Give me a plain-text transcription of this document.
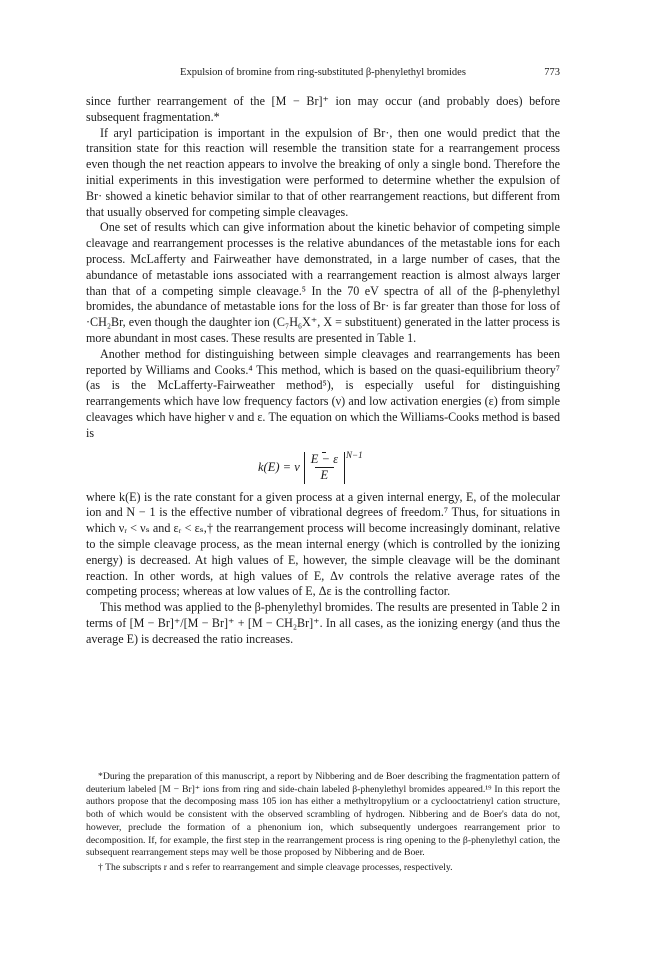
Expulsion of bromine from ring-substituted β-phenylethyl bromides	773

since further rearrangement of the [M − Br]⁺ ion may occur (and probably does) before subsequent fragmentation.*

If aryl participation is important in the expulsion of Br·, then one would predict that the transition state for this reaction will resemble the transition state for a rearrangement process even though the net reaction appears to involve the breaking of only a single bond. Therefore the initial experiments in this investigation were performed to determine whether the expulsion of Br· showed a kinetic behavior similar to that of other rearrangement reactions, but different from that usually observed for competing simple cleavages.

One set of results which can give information about the kinetic behavior of competing simple cleavage and rearrangement processes is the relative abundances of the metastable ions for each process. McLafferty and Fairweather have demonstrated, in a large number of cases, that the abundance of metastable ions associated with a rearrangement reaction is almost always larger than that of a competing simple cleavage.⁵ In the 70 eV spectra of all of the β-phenylethyl bromides, the abundance of metastable ions for the loss of Br· is far greater than those for loss of ·CH₂Br, even though the daughter ion (C₇H₆X⁺, X = substituent) generated in the latter process is more abundant in most cases. These results are presented in Table 1.

Another method for distinguishing between simple cleavages and rearrangements has been reported by Williams and Cooks.⁴ This method, which is based on the quasi-equilibrium theory⁷ (as is the McLafferty-Fairweather method⁵), is especially useful for distinguishing rearrangements which have low frequency factors (ν) and low activation energies (ε) from simple cleavages which have higher ν and ε. The equation on which the Williams-Cooks method is based is

k(E) = ν $\frac{E - \varepsilon}{E} N-1$

where k(E) is the rate constant for a given process at a given internal energy, E, of the molecular ion and N − 1 is the effective number of vibrational degrees of freedom.⁷ Thus, for situations in which νᵣ < νₛ and εᵣ < εₛ,† the rearrangement process will become increasingly dominant, relative to the simple cleavage process, as the mean internal energy (which is controlled by the ionizing energy) is decreased. At high values of E, however, the simple cleavage will be the dominant reaction. In other words, at high values of E, Δν controls the relative average rates of the competing process; whereas at low values of E, Δε is the controlling factor.

This method was applied to the β-phenylethyl bromides. The results are presented in Table 2 in terms of [M − Br]⁺/[M − Br]⁺ + [M − CH₂Br]⁺. In all cases, as the ionizing energy (and thus the average E) is decreased the ratio increases.

*During the preparation of this manuscript, a report by Nibbering and de Boer describing the fragmentation pattern of deuterium labeled [M − Br]⁺ ions from ring and side-chain labeled β-phenylethyl bromides appeared.¹⁹ In this report the authors propose that the decomposing mass 105 ion has either a methyltropylium or a cyclooctatrienyl cation structure, both of which would be consistent with the observed scrambling of hydrogen. Nibbering and de Boer's data do not, however, preclude the formation of a phenonium ion, which subsequently undergoes rearrangement prior to decomposition. If, for example, the first step in the rearrangement process is ring opening to the β-phenylethyl cation, the subsequent rearrangement steps may well be those proposed by Nibbering and de Boer.

† The subscripts r and s refer to rearrangement and simple cleavage processes, respectively.
